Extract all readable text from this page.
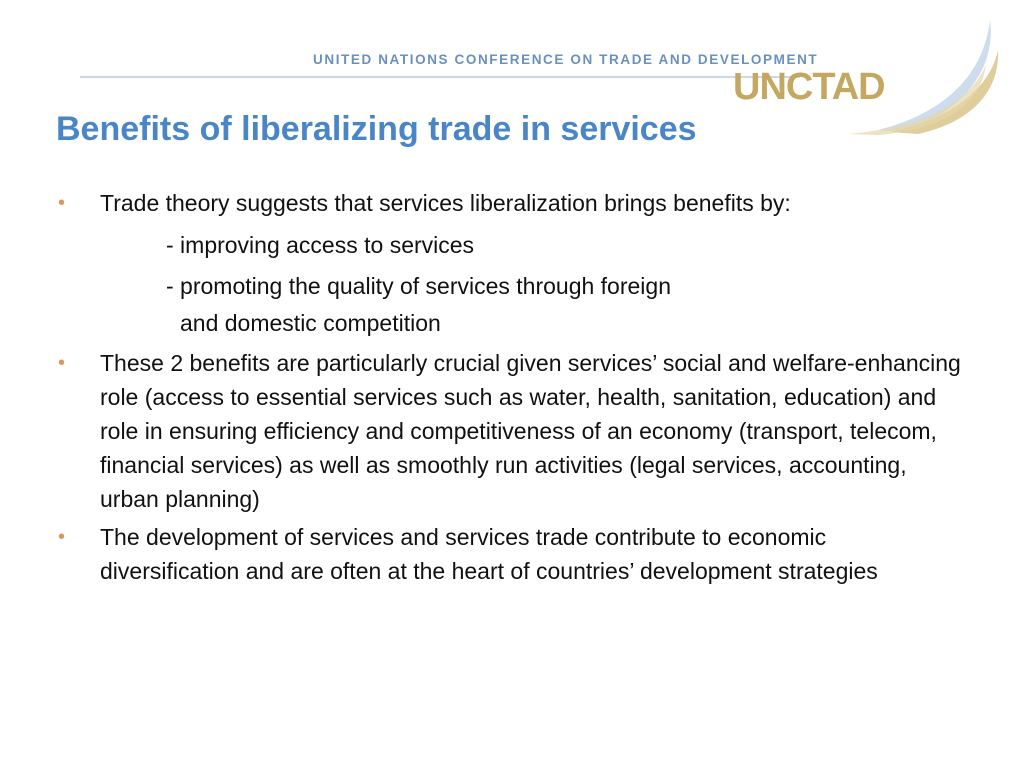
UNITED NATIONS CONFERENCE ON TRADE AND DEVELOPMENT
UNCTAD
Benefits of liberalizing trade in services
• Trade theory suggests that services liberalization brings benefits by:
- improving access to services
- promoting the quality of services through foreign
and domestic competition
• These 2 benefits are particularly crucial given services’ social and welfare-enhancing role (access to essential services such as water, health, sanitation, education) and role in ensuring efficiency and competitiveness of an economy (transport, telecom, financial services) as well as smoothly run activities (legal services, accounting, urban planning)
• The development of services and services trade contribute to economic diversification and are often at the heart of countries’ development strategies
